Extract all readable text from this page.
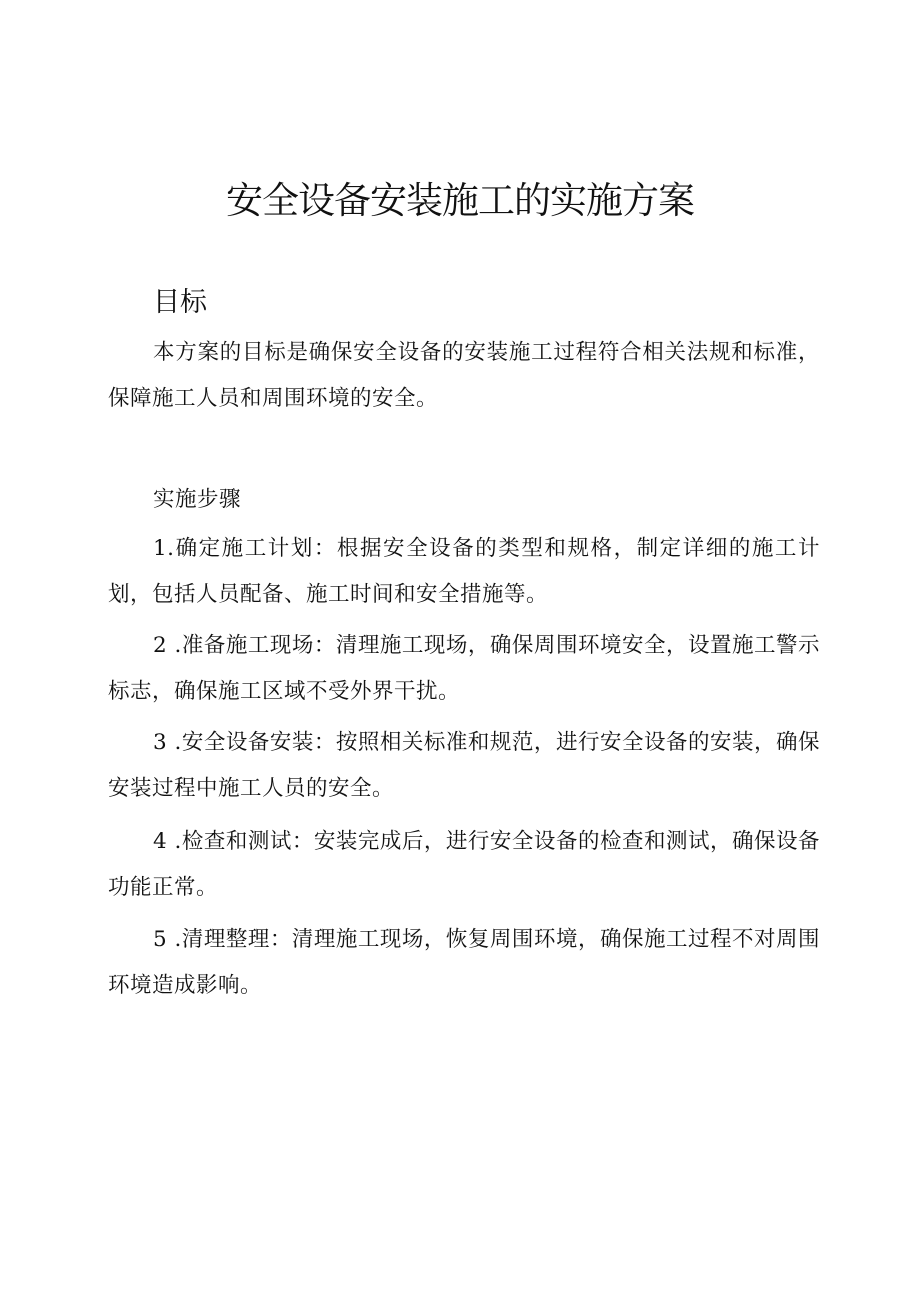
安全设备安装施工的实施方案
目标

本方案的目标是确保安全设备的安装施工过程符合相关法规和标准，保障施工人员和周围环境的安全。

实施步骤

1.确定施工计划：根据安全设备的类型和规格，制定详细的施工计划，包括人员配备、施工时间和安全措施等。

2 .准备施工现场：清理施工现场，确保周围环境安全，设置施工警示标志，确保施工区域不受外界干扰。

3 .安全设备安装：按照相关标准和规范，进行安全设备的安装，确保安装过程中施工人员的安全。

4 .检查和测试：安装完成后，进行安全设备的检查和测试，确保设备功能正常。

5 .清理整理：清理施工现场，恢复周围环境，确保施工过程不对周围环境造成影响。
